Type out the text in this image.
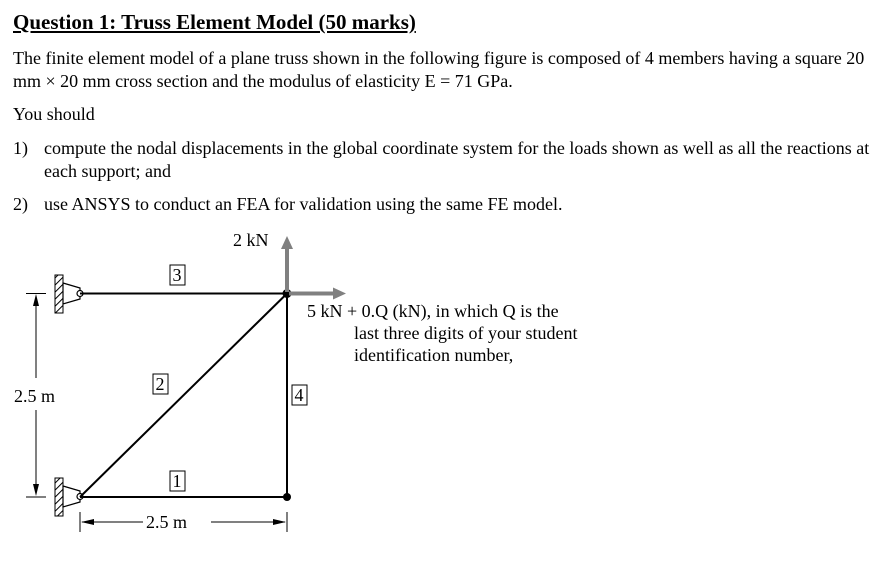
Question 1: Truss Element Model (50 marks)

The finite element model of a plane truss shown in the following figure is composed of 4 members having a square 20 mm × 20 mm cross section and the modulus of elasticity E = 71 GPa.

You should

1) compute the nodal displacements in the global coordinate system for the loads shown as well as all the reactions at each support; and
2) use ANSYS to conduct an FEA for validation using the same FE model.
2 kN
3
2
1
4
2.5 m
2.5 m
5 kN + 0.Q (kN), in which Q is the
last three digits of your student
identification number,
